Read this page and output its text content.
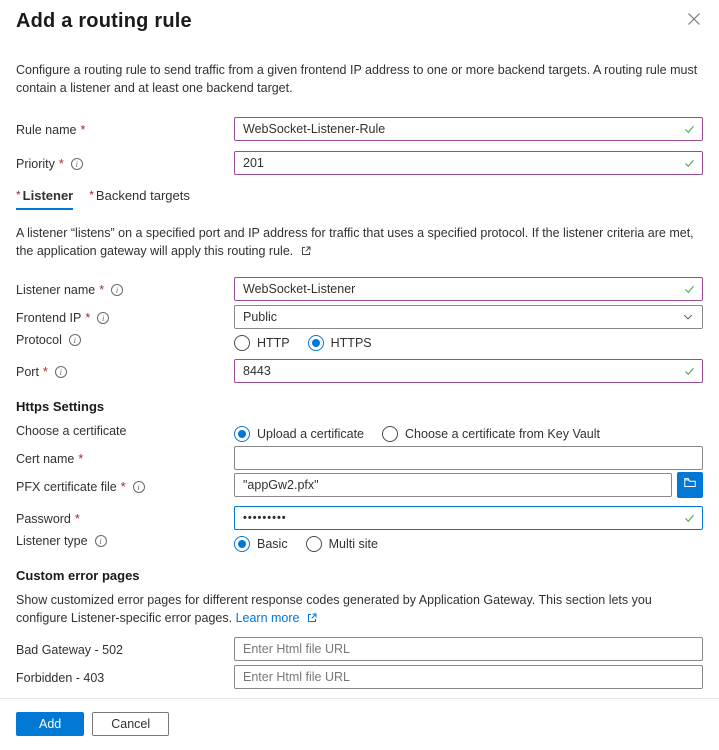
Add a routing rule
Configure a routing rule to send traffic from a given frontend IP address to one or more backend targets. A routing rule must contain a listener and at least one backend target.
Rule name *
WebSocket-Listener-Rule
Priority *
i
201
* Listener * Backend targets
A listener “listens” on a specified port and IP address for traffic that uses a specified protocol. If the listener criteria are met, the application gateway will apply this routing rule.
Listener name *
i
WebSocket-Listener
Frontend IP *
i
Public
Protocol i	HTTP	HTTPS
Port *
i
8443
Https Settings
Choose a certificate	Upload a certificate	Choose a certificate from Key Vault
Cert name *
PFX certificate file *
i
"appGw2.pfx"
Password *
•••••••••
Listener type i	Basic	Multi site
Custom error pages
Show customized error pages for different response codes generated by Application Gateway. This section lets you configure Listener-specific error pages. Learn more
Bad Gateway - 502
Enter Html file URL
Forbidden - 403
Enter Html file URL
Add	Cancel
